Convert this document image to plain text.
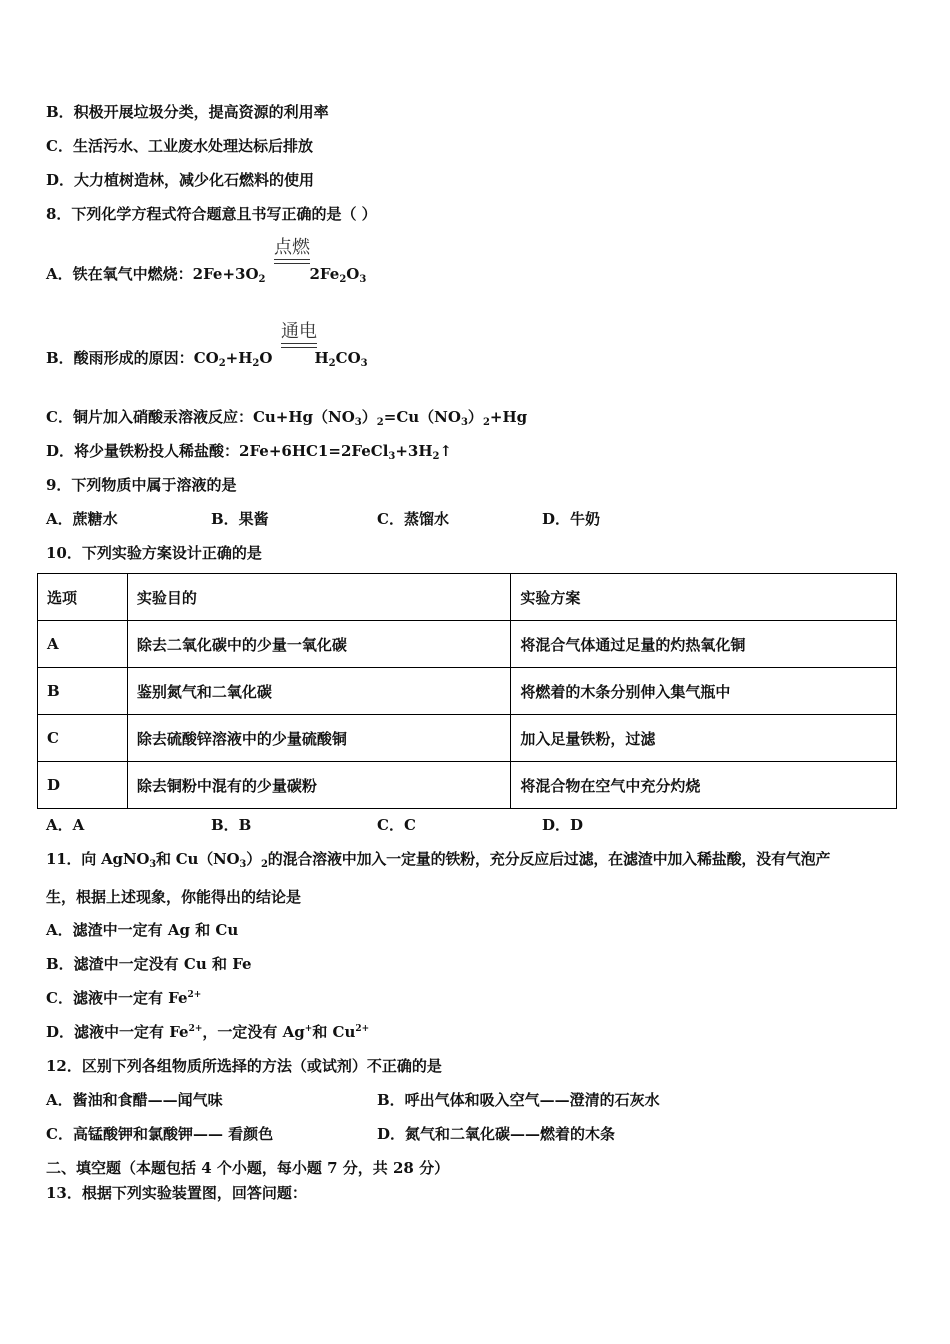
B．积极开展垃圾分类，提高资源的利用率
C．生活污水、工业废水处理达标后排放
D．大力植树造林，减少化石燃料的使用
8．下列化学方程式符合题意且书写正确的是（ ）
A．铁在氧气中燃烧：$2Fe+3O_2$	$2Fe_2O_3$
点燃
B．酸雨形成的原因：$CO_2+H_2O$	$H_2CO_3$
通电
C．铜片加入硝酸汞溶液反应：$Cu+Hg(NO_3)_2=Cu(NO_3)_2+Hg$
D．将少量铁粉投人稀盐酸：$2Fe+6HC1=2FeCl_3+3H_2↑$
9．下列物质中属于溶液的是
A．蔗糖水	B．果酱	C．蒸馏水	D．牛奶
10．下列实验方案设计正确的是
选项	实验目的	实验方案
A	除去二氧化碳中的少量一氧化碳	将混合气体通过足量的灼热氧化铜
B	鉴别氮气和二氧化碳	将燃着的木条分别伸入集气瓶中
C	除去硫酸锌溶液中的少量硫酸铜	加入足量铁粉，过滤
D	除去铜粉中混有的少量碳粉	将混合物在空气中充分灼烧
A．A	B．B	C．C	D．D
11．向 AgNO$_3$和 $Cu(NO_3)_2$的混合溶液中加入一定量的铁粉，充分反应后过滤，在滤渣中加入稀盐酸，没有气泡产
生，根据上述现象，你能得出的结论是
A．滤渣中一定有 Ag 和 Cu
B．滤渣中一定没有 Cu 和 Fe
C．滤液中一定有 $Fe^{2+}$
D．滤液中一定有 $Fe^{2+}$，一定没有 Ag+和 $Cu^{2+}$
12．区别下列各组物质所选择的方法（或试剂）不正确的是
A．酱油和食醋——闻气味	B．呼出气体和吸入空气——澄清的石灰水
C．高锰酸钾和氯酸钾—— 看颜色	D．氮气和二氧化碳——燃着的木条
二、填空题（本题包括 4 个小题，每小题 7 分，共 28 分）
13．根据下列实验装置图，回答问题：
